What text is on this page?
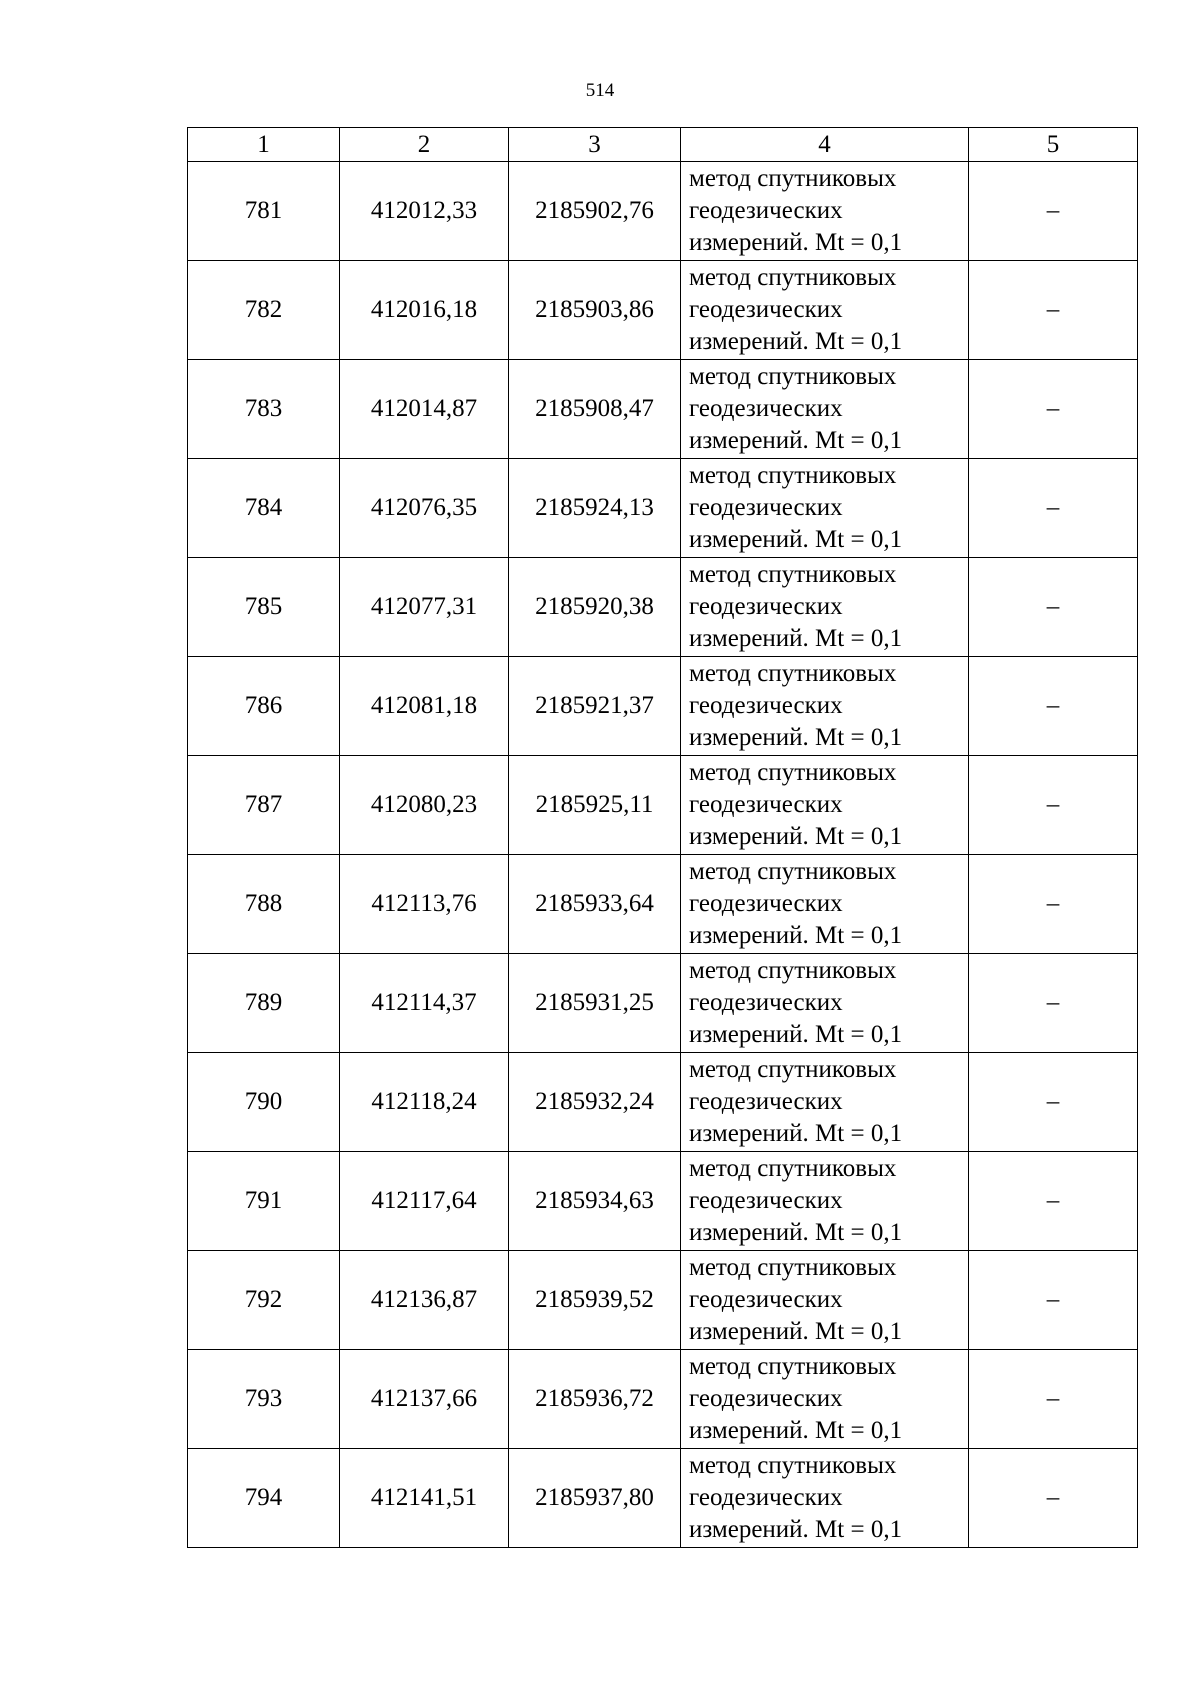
514
1	2	3	4	5
781	412012,33	2185902,76	метод спутниковых
геодезических
измерений. Mt = 0,1	–
782	412016,18	2185903,86	метод спутниковых
геодезических
измерений. Mt = 0,1	–
783	412014,87	2185908,47	метод спутниковых
геодезических
измерений. Mt = 0,1	–
784	412076,35	2185924,13	метод спутниковых
геодезических
измерений. Mt = 0,1	–
785	412077,31	2185920,38	метод спутниковых
геодезических
измерений. Mt = 0,1	–
786	412081,18	2185921,37	метод спутниковых
геодезических
измерений. Mt = 0,1	–
787	412080,23	2185925,11	метод спутниковых
геодезических
измерений. Mt = 0,1	–
788	412113,76	2185933,64	метод спутниковых
геодезических
измерений. Mt = 0,1	–
789	412114,37	2185931,25	метод спутниковых
геодезических
измерений. Mt = 0,1	–
790	412118,24	2185932,24	метод спутниковых
геодезических
измерений. Mt = 0,1	–
791	412117,64	2185934,63	метод спутниковых
геодезических
измерений. Mt = 0,1	–
792	412136,87	2185939,52	метод спутниковых
геодезических
измерений. Mt = 0,1	–
793	412137,66	2185936,72	метод спутниковых
геодезических
измерений. Mt = 0,1	–
794	412141,51	2185937,80	метод спутниковых
геодезических
измерений. Mt = 0,1	–
